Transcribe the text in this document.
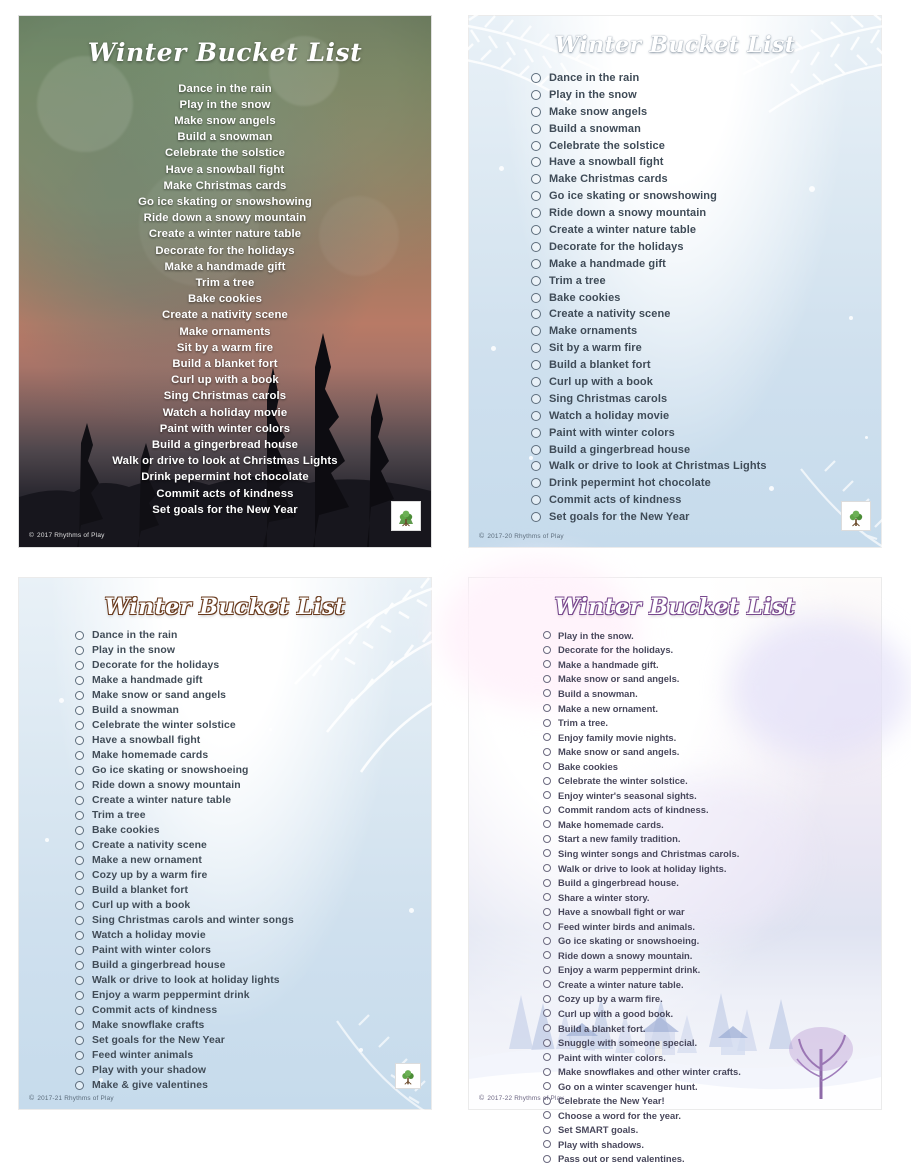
Winter Bucket List
Dance in the rain
Play in the snow
Make snow angels
Build a snowman
Celebrate the solstice
Have a snowball fight
Make Christmas cards
Go ice skating or snowshowing
Ride down a snowy mountain
Create a winter nature table
Decorate for the holidays
Make a handmade gift
Trim a tree
Bake cookies
Create a nativity scene
Make ornaments
Sit by a warm fire
Build a blanket fort
Curl up with a book
Sing Christmas carols
Watch a holiday movie
Paint with winter colors
Build a gingerbread house
Walk or drive to look at Christmas Lights
Drink pepermint hot chocolate
Commit acts of kindness
Set goals for the New Year
© 2017 Rhythms of Play
Winter Bucket List
Dance in the rain
Play in the snow
Make snow angels
Build a snowman
Celebrate the solstice
Have a snowball fight
Make Christmas cards
Go ice skating or snowshowing
Ride down a snowy mountain
Create a winter nature table
Decorate for the holidays
Make a handmade gift
Trim a tree
Bake cookies
Create a nativity scene
Make ornaments
Sit by a warm fire
Build a blanket fort
Curl up with a book
Sing Christmas carols
Watch a holiday movie
Paint with winter colors
Build a gingerbread house
Walk or drive to look at Christmas Lights
Drink pepermint hot chocolate
Commit acts of kindness
Set goals for the New Year
© 2017-20 Rhythms of Play
Winter Bucket List
Dance in the rain
Play in the snow
Decorate for the holidays
Make a handmade gift
Make snow or sand angels
Build a snowman
Celebrate the winter solstice
Have a snowball fight
Make homemade cards
Go ice skating or snowshoeing
Ride down a snowy mountain
Create a winter nature table
Trim a tree
Bake cookies
Create a nativity scene
Make a new ornament
Cozy up by a warm fire
Build a blanket fort
Curl up with a book
Sing Christmas carols and winter songs
Watch a holiday movie
Paint with winter colors
Build a gingerbread house
Walk or drive to look at holiday lights
Enjoy a warm peppermint drink
Commit acts of kindness
Make snowflake crafts
Set goals for the New Year
Feed winter animals
Play with your shadow
Make & give valentines
© 2017-21 Rhythms of Play
Winter Bucket List
Play in the snow.
Decorate for the holidays.
Make a handmade gift.
Make snow or sand angels.
Build a snowman.
Make a new ornament.
Trim a tree.
Enjoy family movie nights.
Make snow or sand angels.
Bake cookies
Celebrate the winter solstice.
Enjoy winter's seasonal sights.
Commit random acts of kindness.
Make homemade cards.
Start a new family tradition.
Sing winter songs and Christmas carols.
Walk or drive to look at holiday lights.
Build a gingerbread house.
Share a winter story.
Have a snowball fight or war
Feed winter birds and animals.
Go ice skating or snowshoeing.
Ride down a snowy mountain.
Enjoy a warm peppermint drink.
Create a winter nature table.
Cozy up by a warm fire.
Curl up with a good book.
Build a blanket fort.
Snuggle with someone special.
Paint with winter colors.
Make snowflakes and other winter crafts.
Go on a winter scavenger hunt.
Celebrate the New Year!
Choose a word for the year.
Set SMART goals.
Play with shadows.
Pass out or send valentines.
© 2017-22 Rhythms of Play
